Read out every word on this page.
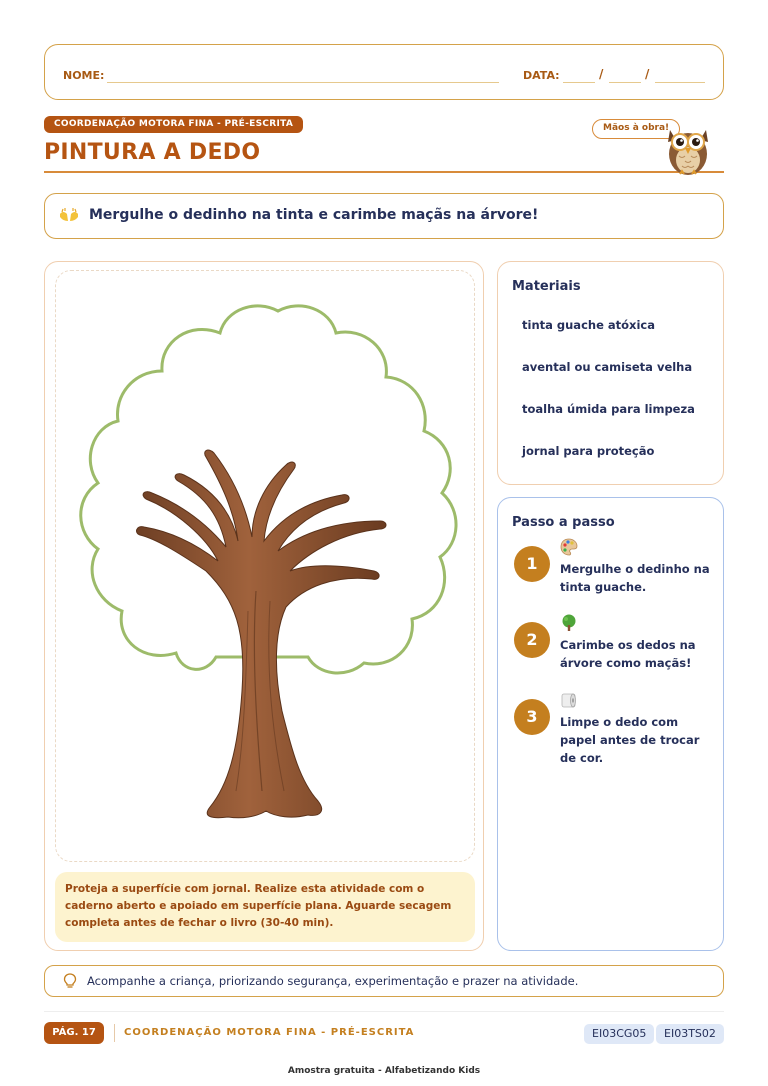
NOME:	DATA:	/	/
COORDENAÇÃO MOTORA FINA - PRÉ-ESCRITA
PINTURA A DEDO
Mãos à obra!
Mergulhe o dedinho na tinta e carimbe maçãs na árvore!
Proteja a superfície com jornal. Realize esta atividade com o caderno aberto e apoiado em superfície plana. Aguarde secagem completa antes de fechar o livro (30-40 min).
Materiais
tinta guache atóxica
avental ou camiseta velha
toalha úmida para limpeza
jornal para proteção
Passo a passo
1	Mergulhe o dedinho na tinta guache.
2	Carimbe os dedos na árvore como maçãs!
3	Limpe o dedo com papel antes de trocar de cor.
Acompanhe a criança, priorizando segurança, experimentação e prazer na atividade.
PÁG. 17	COORDENAÇÃO MOTORA FINA - PRÉ-ESCRITA	EI03CG05	EI03TS02
Amostra gratuita - Alfabetizando Kids
